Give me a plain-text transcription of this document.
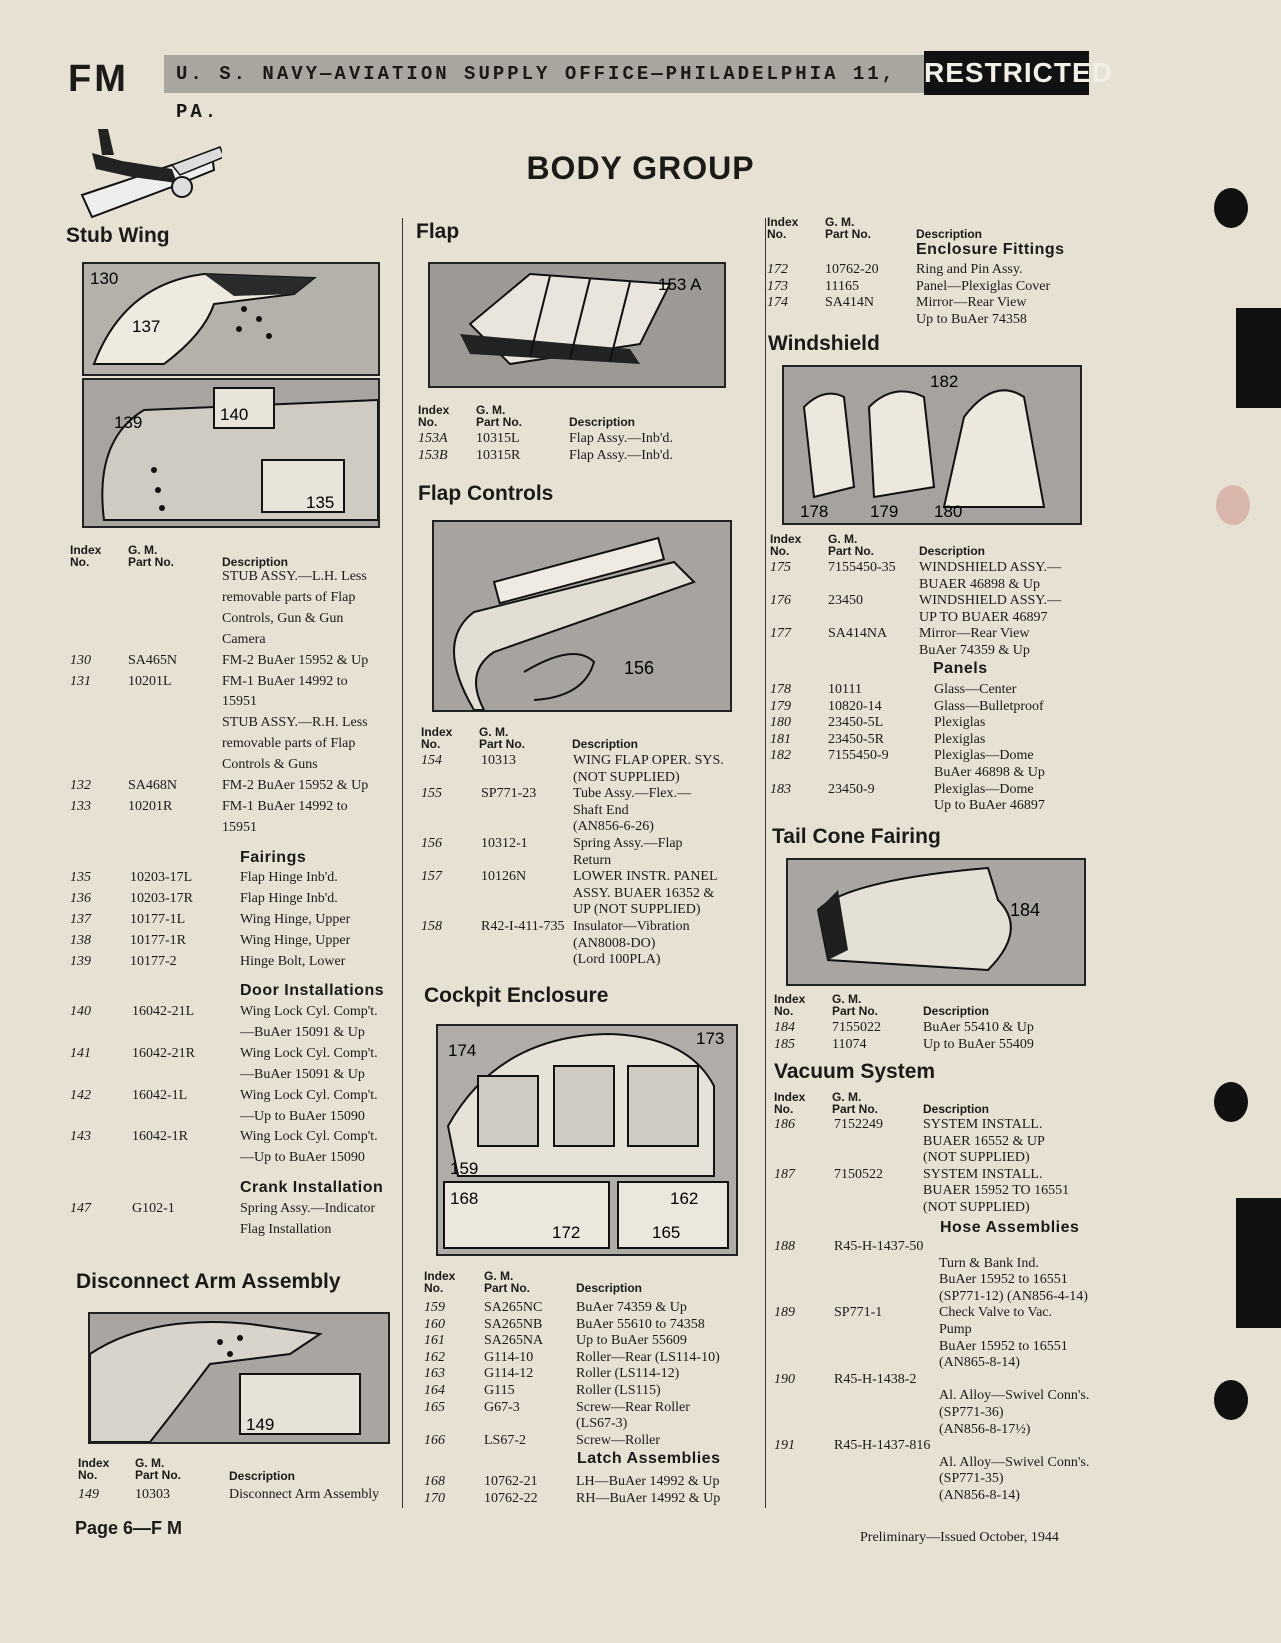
FM	U. S. NAVY—AVIATION SUPPLY OFFICE—PHILADELPHIA 11, PA.
RESTRICTED
BODY GROUP
Stub Wing
130
137
139	140
135
Index
No.
G. M.
Part No.	Description
STUB ASSY.—L.H. Less
removable parts of Flap
Controls, Gun & Gun
Camera
130	SA465N	FM-2 BuAer 15952 & Up
131	10201L	FM-1 BuAer 14992 to
15951
STUB ASSY.—R.H. Less
removable parts of Flap
Controls & Guns
132	SA468N	FM-2 BuAer 15952 & Up
133	10201R	FM-1 BuAer 14992 to
15951
135	10203-17L	Flap Hinge Inb'd.
136	10203-17R	Flap Hinge Inb'd.
137	10177-1L	Wing Hinge, Upper
138	10177-1R	Wing Hinge, Upper
139	10177-2	Hinge Bolt, Lower
140	16042-21L	Wing Lock Cyl. Comp't.
—BuAer 15091 & Up
141	16042-21R	Wing Lock Cyl. Comp't.
—BuAer 15091 & Up
142	16042-1L	Wing Lock Cyl. Comp't.
—Up to BuAer 15090
143	16042-1R	Wing Lock Cyl. Comp't.
—Up to BuAer 15090
147	G102-1	Spring Assy.—Indicator
Flag Installation
Disconnect Arm Assembly
149
Index
No.
G. M.
Part No.	Description
149	10303	Disconnect Arm Assembly
Flap
153 A
Index
No.
G. M.
Part No.	Description
153A 10315L	Flap Assy.—Inb'd.
153B 10315R	Flap Assy.—Inb'd.
Flap Controls
156
Index
No.
G. M.
Part No.	Description
154	10313	WING FLAP OPER. SYS.
(NOT SUPPLIED)
155	SP771-23	Tube Assy.—Flex.—
Shaft End
(AN856-6-26)
156	10312-1	Spring Assy.—Flap
Return
157	10126N	LOWER INSTR. PANEL
ASSY. BUAER 16352 &
UP (NOT SUPPLIED)
158	R42-I-411-735 Insulator—Vibration
(AN8008-DO)
(Lord 100PLA)
Cockpit Enclosure
174
173
159
168
172
162
165
Index
No.
G. M.
Part No.	Description
159	SA265NC BuAer 74359 & Up
160	SA265NB BuAer 55610 to 74358
161	SA265NA Up to BuAer 55609
162	G114-10	Roller—Rear (LS114-10)
163	G114-12	Roller (LS114-12)
164	G115	Roller (LS115)
165	G67-3	Screw—Rear Roller
(LS67-3)
166	LS67-2	Screw—Roller
168	10762-21	LH—BuAer 14992 & Up
170	10762-22	RH—BuAer 14992 & Up
Index
No.
G. M.
Part No.	Description
172	10762-20	Ring and Pin Assy.
173	11165	Panel—Plexiglas Cover
174	SA414N	Mirror—Rear View
Up to BuAer 74358
Windshield
182
178 179 180
Index
No.
G. M.
Part No.	Description
175	7155450-35 WINDSHIELD ASSY.—
BUAER 46898 & Up
176	23450	WINDSHIELD ASSY.—
UP TO BUAER 46897
177	SA414NA Mirror—Rear View
BuAer 74359 & Up
178	10111	Glass—Center
179	10820-14	Glass—Bulletproof
180	23450-5L	Plexiglas
181	23450-5R	Plexiglas
182	7155450-9	Plexiglas—Dome
BuAer 46898 & Up
183	23450-9	Plexiglas—Dome
Up to BuAer 46897
Tail Cone Fairing
184
Index
No.
G. M.
Part No.	Description
184	7155022	BuAer 55410 & Up
185	11074	Up to BuAer 55409
Vacuum System
Index
No.
G. M.
Part No.	Description
186	7152249	SYSTEM INSTALL.
BUAER 16552 & UP
(NOT SUPPLIED)
187	7150522	SYSTEM INSTALL.
BUAER 15952 TO 16551
(NOT SUPPLIED)
188	R45-H-1437-50
Turn & Bank Ind.
BuAer 15952 to 16551
(SP771-12) (AN856-4-14)
189	SP771-1	Check Valve to Vac.
Pump
BuAer 15952 to 16551
(AN865-8-14)
190	R45-H-1438-2
Al. Alloy—Swivel Conn's.
(SP771-36)
(AN856-8-17½)
191	R45-H-1437-816
Al. Alloy—Swivel Conn's.
(SP771-35)
(AN856-8-14)
Fairings
Door Installations
Crank Installation
Latch Assemblies
Enclosure Fittings
Panels
Hose Assemblies
Page 6—F M	Preliminary—Issued October, 1944
